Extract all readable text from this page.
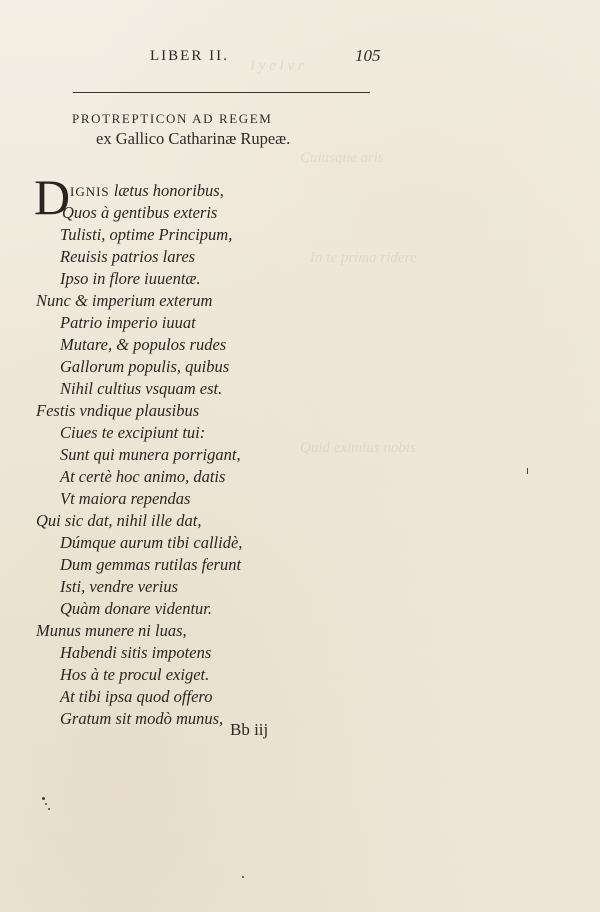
I y e l v r
Cuiusque aris
In te prima ridere
Quid eximius nobis
LIBER II.	105
PROTREPTICON AD REGEM
ex Gallico Catharinæ Rupeæ.
D IGNIS lætus honoribus,
Quos à gentibus exteris
Tulisti, optime Principum,
Reuisis patrios lares
Ipso in flore iuuentæ.
Nunc & imperium exterum
Patrio imperio iuuat
Mutare, & populos rudes
Gallorum populis, quibus
Nihil cultius vsquam est.
Festis vndique plausibus
Ciues te excipiunt tui:
Sunt qui munera porrigant,
At certè hoc animo, datis
Vt maiora rependas
Qui sic dat, nihil ille dat,
Dúmque aurum tibi callidè,
Dum gemmas rutilas ferunt
Isti, vendre verius
Quàm donare videntur.
Munus munere ni luas,
Habendi sitis impotens
Hos à te procul exiget.
At tibi ipsa quod offero
Gratum sit modò munus,
Bb iij
